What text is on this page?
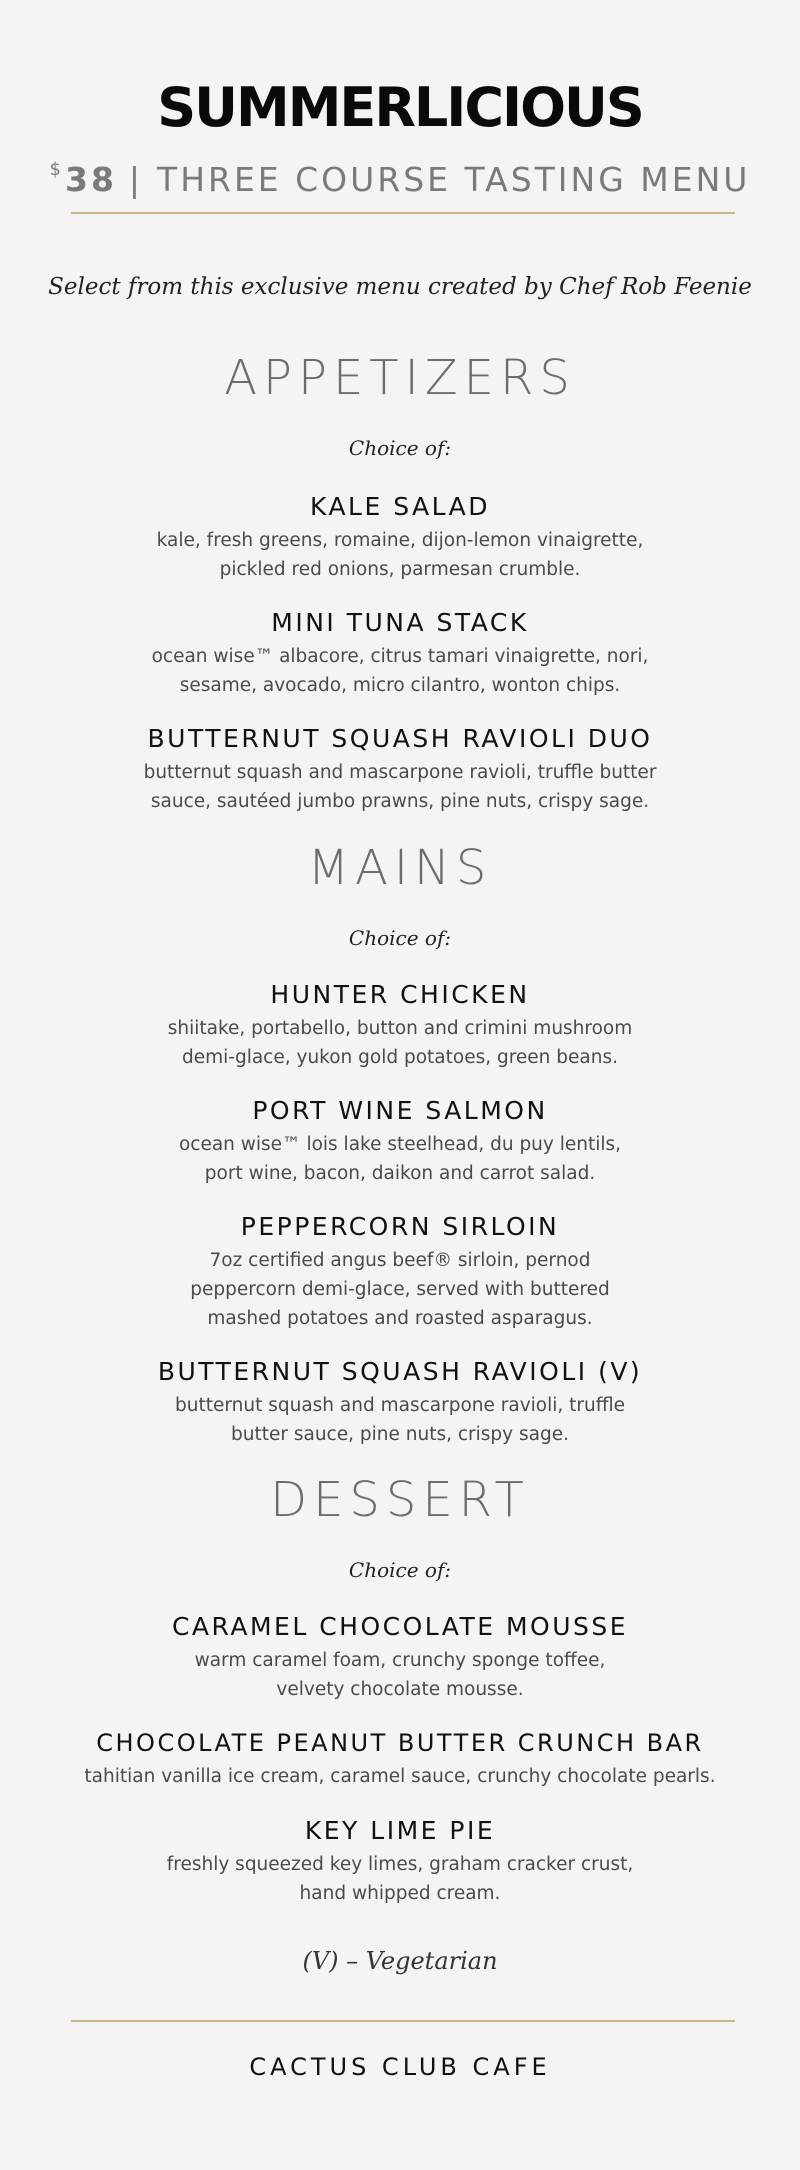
SUMMERLICIOUS
$ 38 | THREE COURSE TASTING MENU
Select from this exclusive menu created by Chef Rob Feenie
APPETIZERS
Choice of:
KALE SALAD
kale, fresh greens, romaine, dijon-lemon vinaigrette,
pickled red onions, parmesan crumble.
MINI TUNA STACK
ocean wise™ albacore, citrus tamari vinaigrette, nori,
sesame, avocado, micro cilantro, wonton chips.
BUTTERNUT SQUASH RAVIOLI DUO
butternut squash and mascarpone ravioli, truffle butter
sauce, sautéed jumbo prawns, pine nuts, crispy sage.
MAINS
Choice of:
HUNTER CHICKEN
shiitake, portabello, button and crimini mushroom
demi-glace, yukon gold potatoes, green beans.
PORT WINE SALMON
ocean wise™ lois lake steelhead, du puy lentils,
port wine, bacon, daikon and carrot salad.
PEPPERCORN SIRLOIN
7oz certified angus beef® sirloin, pernod
peppercorn demi-glace, served with buttered
mashed potatoes and roasted asparagus.
BUTTERNUT SQUASH RAVIOLI (V)
butternut squash and mascarpone ravioli, truffle
butter sauce, pine nuts, crispy sage.
DESSERT
Choice of:
CARAMEL CHOCOLATE MOUSSE
warm caramel foam, crunchy sponge toffee,
velvety chocolate mousse.
CHOCOLATE PEANUT BUTTER CRUNCH BAR
tahitian vanilla ice cream, caramel sauce, crunchy chocolate pearls.
KEY LIME PIE
freshly squeezed key limes, graham cracker crust,
hand whipped cream.
(V) – Vegetarian
CACTUS CLUB CAFE
